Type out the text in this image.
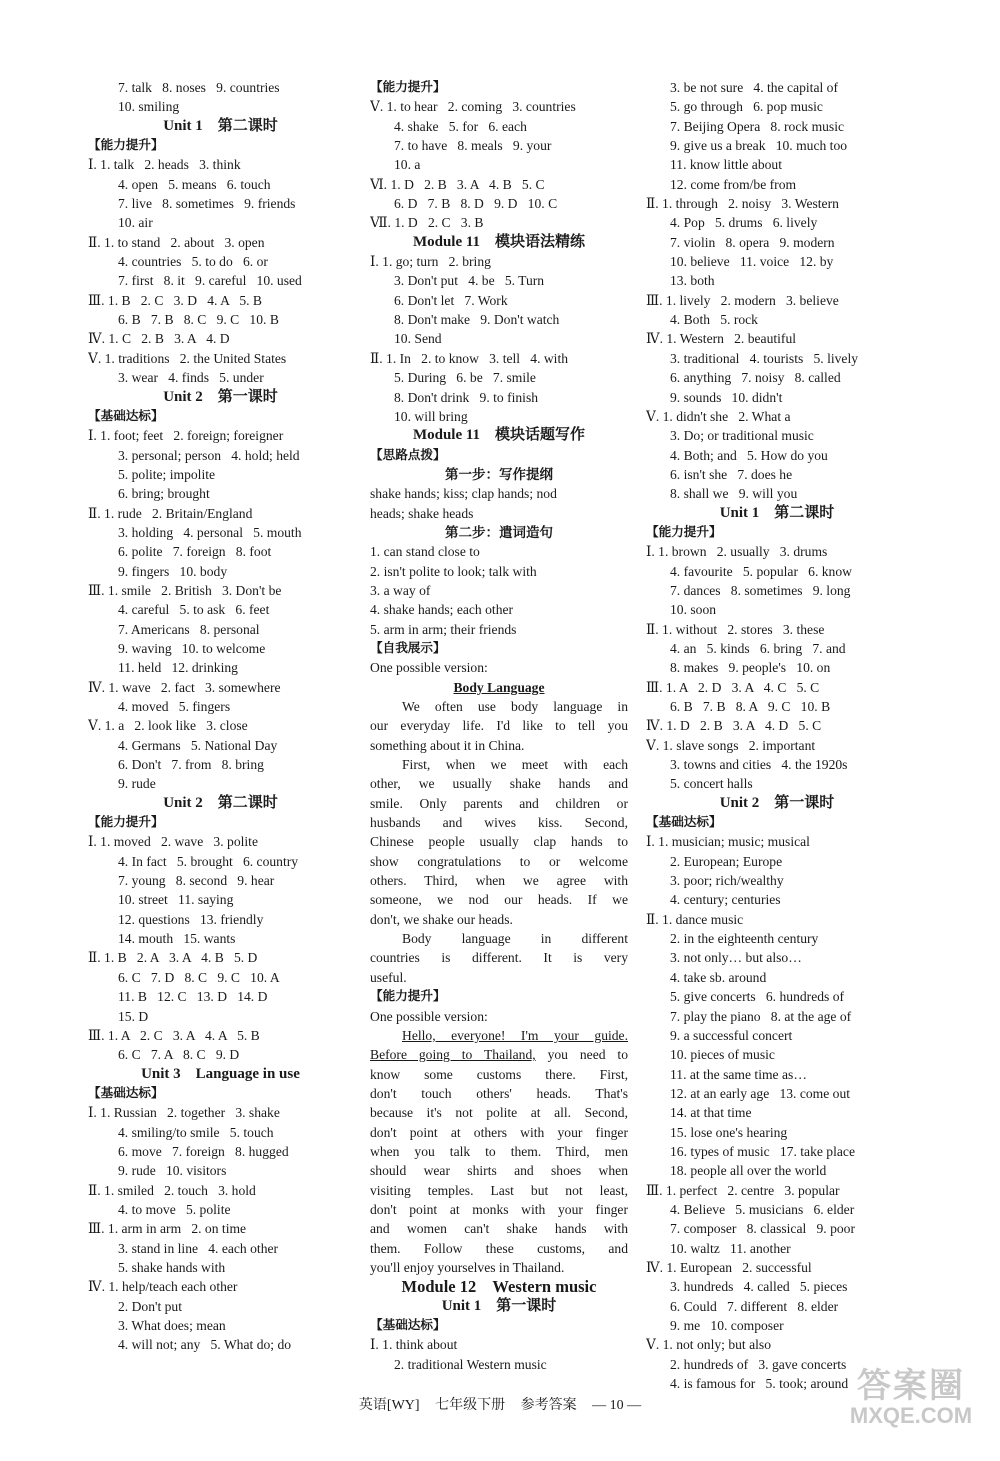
7. talk   8. noses   9. countries
10. smiling
Unit 1    第二课时
【能力提升】
Ⅰ. 1. talk   2. heads   3. think
4. open   5. means   6. touch
7. live   8. sometimes   9. friends
10. air
Ⅱ. 1. to stand   2. about   3. open
4. countries   5. to do   6. or
7. first   8. it   9. careful   10. used
Ⅲ. 1. B   2. C   3. D   4. A   5. B
6. B   7. B   8. C   9. C   10. B
Ⅳ. 1. C   2. B   3. A   4. D
Ⅴ. 1. traditions   2. the United States
3. wear   4. finds   5. under
Unit 2    第一课时
【基础达标】
Ⅰ. 1. foot; feet   2. foreign; foreigner
3. personal; person   4. hold; held
5. polite; impolite
6. bring; brought
Ⅱ. 1. rude   2. Britain/England
3. holding   4. personal   5. mouth
6. polite   7. foreign   8. foot
9. fingers   10. body
Ⅲ. 1. smile   2. British   3. Don't be
4. careful   5. to ask   6. feet
7. Americans   8. personal
9. waving   10. to welcome
11. held   12. drinking
Ⅳ. 1. wave   2. fact   3. somewhere
4. moved   5. fingers
Ⅴ. 1. a   2. look like   3. close
4. Germans   5. National Day
6. Don't   7. from   8. bring
9. rude
Unit 2    第二课时
【能力提升】
Ⅰ. 1. moved   2. wave   3. polite
4. In fact   5. brought   6. country
7. young   8. second   9. hear
10. street   11. saying
12. questions   13. friendly
14. mouth   15. wants
Ⅱ. 1. B   2. A   3. A   4. B   5. D
6. C   7. D   8. C   9. C   10. A
11. B   12. C   13. D   14. D
15. D
Ⅲ. 1. A   2. C   3. A   4. A   5. B
6. C   7. A   8. C   9. D
Unit 3    Language in use
【基础达标】
Ⅰ. 1. Russian   2. together   3. shake
4. smiling/to smile   5. touch
6. move   7. foreign   8. hugged
9. rude   10. visitors
Ⅱ. 1. smiled   2. touch   3. hold
4. to move   5. polite
Ⅲ. 1. arm in arm   2. on time
3. stand in line   4. each other
5. shake hands with
Ⅳ. 1. help/teach each other
2. Don't put
3. What does; mean
4. will not; any   5. What do; do
【能力提升】
Ⅴ. 1. to hear   2. coming   3. countries
4. shake   5. for   6. each
7. to have   8. meals   9. your
10. a
Ⅵ. 1. D   2. B   3. A   4. B   5. C
6. D   7. B   8. D   9. D   10. C
Ⅶ. 1. D   2. C   3. B
Module 11    模块语法精练
Ⅰ. 1. go; turn   2. bring
3. Don't put   4. be   5. Turn
6. Don't let   7. Work
8. Don't make   9. Don't watch
10. Send
Ⅱ. 1. In   2. to know   3. tell   4. with
5. During   6. be   7. smile
8. Don't drink   9. to finish
10. will bring
Module 11    模块话题写作
【思路点拨】
第一步：写作提纲
shake hands; kiss; clap hands; nod
heads; shake heads
第二步：遣词造句
1. can stand close to
2. isn't polite to look; talk with
3. a way of
4. shake hands; each other
5. arm in arm; their friends
【自我展示】
One possible version:
Body Language
We often use body language in
our everyday life. I'd like to tell you
something about it in China.
First, when we meet with each
other, we usually shake hands and
smile. Only parents and children or
husbands and wives kiss. Second,
Chinese people usually clap hands to
show congratulations to or welcome
others. Third, when we agree with
someone, we nod our heads. If we
don't, we shake our heads.
Body language in different
countries is different. It is very
useful.
【能力提升】
One possible version:
Hello, everyone! I'm your guide.
Before going to Thailand, you need to
know some customs there. First,
don't touch others' heads. That's
because it's not polite at all. Second,
don't point at others with your finger
when you talk to them. Third, men
should wear shirts and shoes when
visiting temples. Last but not least,
don't point at monks with your finger
and women can't shake hands with
them. Follow these customs, and
you'll enjoy yourselves in Thailand.
Module 12    Western music
Unit 1    第一课时
【基础达标】
Ⅰ. 1. think about
2. traditional Western music
3. be not sure   4. the capital of
5. go through   6. pop music
7. Beijing Opera   8. rock music
9. give us a break   10. much too
11. know little about
12. come from/be from
Ⅱ. 1. through   2. noisy   3. Western
4. Pop   5. drums   6. lively
7. violin   8. opera   9. modern
10. believe   11. voice   12. by
13. both
Ⅲ. 1. lively   2. modern   3. believe
4. Both   5. rock
Ⅳ. 1. Western   2. beautiful
3. traditional   4. tourists   5. lively
6. anything   7. noisy   8. called
9. sounds   10. didn't
Ⅴ. 1. didn't she   2. What a
3. Do; or traditional music
4. Both; and   5. How do you
6. isn't she   7. does he
8. shall we   9. will you
Unit 1    第二课时
【能力提升】
Ⅰ. 1. brown   2. usually   3. drums
4. favourite   5. popular   6. know
7. dances   8. sometimes   9. long
10. soon
Ⅱ. 1. without   2. stores   3. these
4. an   5. kinds   6. bring   7. and
8. makes   9. people's   10. on
Ⅲ. 1. A   2. D   3. A   4. C   5. C
6. B   7. B   8. A   9. C   10. B
Ⅳ. 1. D   2. B   3. A   4. D   5. C
Ⅴ. 1. slave songs   2. important
3. towns and cities   4. the 1920s
5. concert halls
Unit 2    第一课时
【基础达标】
Ⅰ. 1. musician; music; musical
2. European; Europe
3. poor; rich/wealthy
4. century; centuries
Ⅱ. 1. dance music
2. in the eighteenth century
3. not only… but also…
4. take sb. around
5. give concerts   6. hundreds of
7. play the piano   8. at the age of
9. a successful concert
10. pieces of music
11. at the same time as…
12. at an early age   13. come out
14. at that time
15. lose one's hearing
16. types of music   17. take place
18. people all over the world
Ⅲ. 1. perfect   2. centre   3. popular
4. Believe   5. musicians   6. elder
7. composer   8. classical   9. poor
10. waltz   11. another
Ⅳ. 1. European   2. successful
3. hundreds   4. called   5. pieces
6. Could   7. different   8. elder
9. me   10. composer
Ⅴ. 1. not only; but also
2. hundreds of   3. gave concerts
4. is famous for   5. took; around
英语[WY] 七年级下册 参考答案 — 10 —
答案圈
MXQE.COM
